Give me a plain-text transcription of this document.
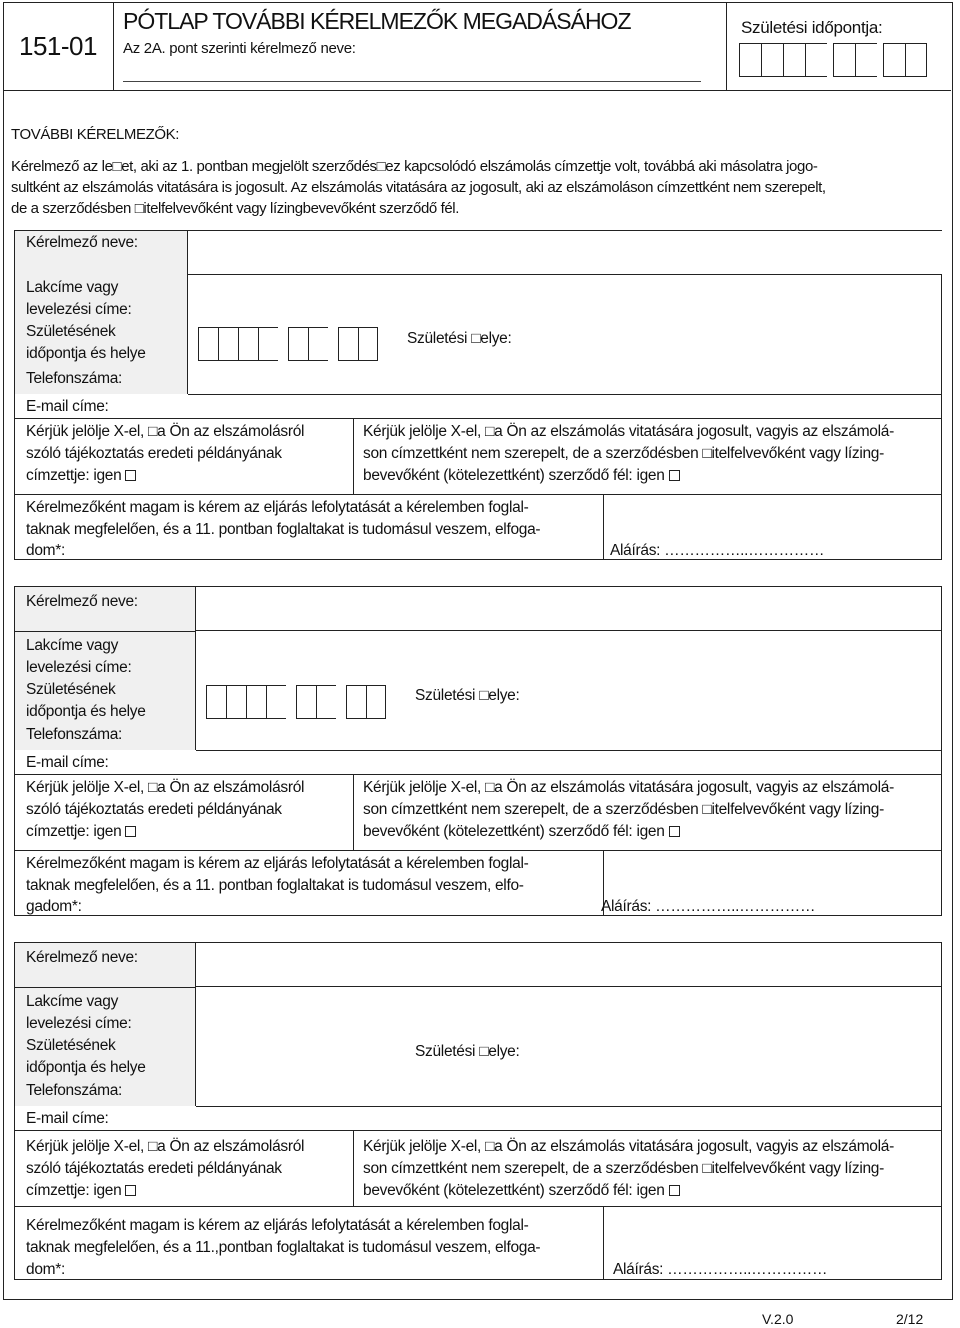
151-01
PÓTLAP TOVÁBBI KÉRELMEZŐK MEGADÁSÁHOZ
Az 2A. pont szerinti kérelmező neve:
Születési időpontja:
TOVÁBBI KÉRELMEZŐK:
Kérelmező az le□et, aki az 1. pontban megjelölt szerződés□ez kapcsolódó elszámolás címzettje volt, továbbá aki másolatra jogo-
sultként az elszámolás vitatására is jogosult. Az elszámolás vitatására az jogosult, aki az elszámoláson címzettként nem szerepelt,
de a szerződésben □itelfelvevőként vagy lízingbevevőként szerződő fél.
Kérelmező neve:
Lakcíme vagy
levelezési címe:
Születésének
időpontja és helye
Telefonszáma:
E-mail címe:
Születési □elye:
Kérjük jelölje X-el, □a Ön az elszámolásról
szóló tájékoztatás eredeti példányának
címzettje: igen
Kérjük jelölje X-el, □a Ön az elszámolás vitatására jogosult, vagyis az elszámolá-
son címzettként nem szerepelt, de a szerződésben □itelfelvevőként vagy lízing-
bevevőként (kötelezettként) szerződő fél: igen
Kérelmezőként magam is kérem az eljárás lefolytatását a kérelemben foglal-
taknak megfelelően, és a 11. pontban foglaltakat is tudomásul veszem, elfoga-
dom*:	Aláírás: ……………..……………
Kérelmező neve:
Lakcíme vagy
levelezési címe:
Születésének
időpontja és helye
Telefonszáma:
E-mail címe:
Születési □elye:
Kérjük jelölje X-el, □a Ön az elszámolásról
szóló tájékoztatás eredeti példányának
címzettje: igen
Kérjük jelölje X-el, □a Ön az elszámolás vitatására jogosult, vagyis az elszámolá-
son címzettként nem szerepelt, de a szerződésben □itelfelvevőként vagy lízing-
bevevőként (kötelezettként) szerződő fél: igen
Kérelmezőként magam is kérem az eljárás lefolytatását a kérelemben foglal-
taknak megfelelően, és a 11. pontban foglaltakat is tudomásul veszem, elfo-
gadom*:	Aláírás: ……………..……………
Kérelmező neve:
Lakcíme vagy
levelezési címe:
Születésének
időpontja és helye
Telefonszáma:
E-mail címe:
Születési □elye:
Kérjük jelölje X-el, □a Ön az elszámolásról
szóló tájékoztatás eredeti példányának
címzettje: igen
Kérjük jelölje X-el, □a Ön az elszámolás vitatására jogosult, vagyis az elszámolá-
son címzettként nem szerepelt, de a szerződésben □itelfelvevőként vagy lízing-
bevevőként (kötelezettként) szerződő fél: igen
Kérelmezőként magam is kérem az eljárás lefolytatását a kérelemben foglal-
taknak megfelelően, és a 11.,pontban foglaltakat is tudomásul veszem, elfoga-
dom*:	Aláírás: ……………..……………
V.2.0	2/12
